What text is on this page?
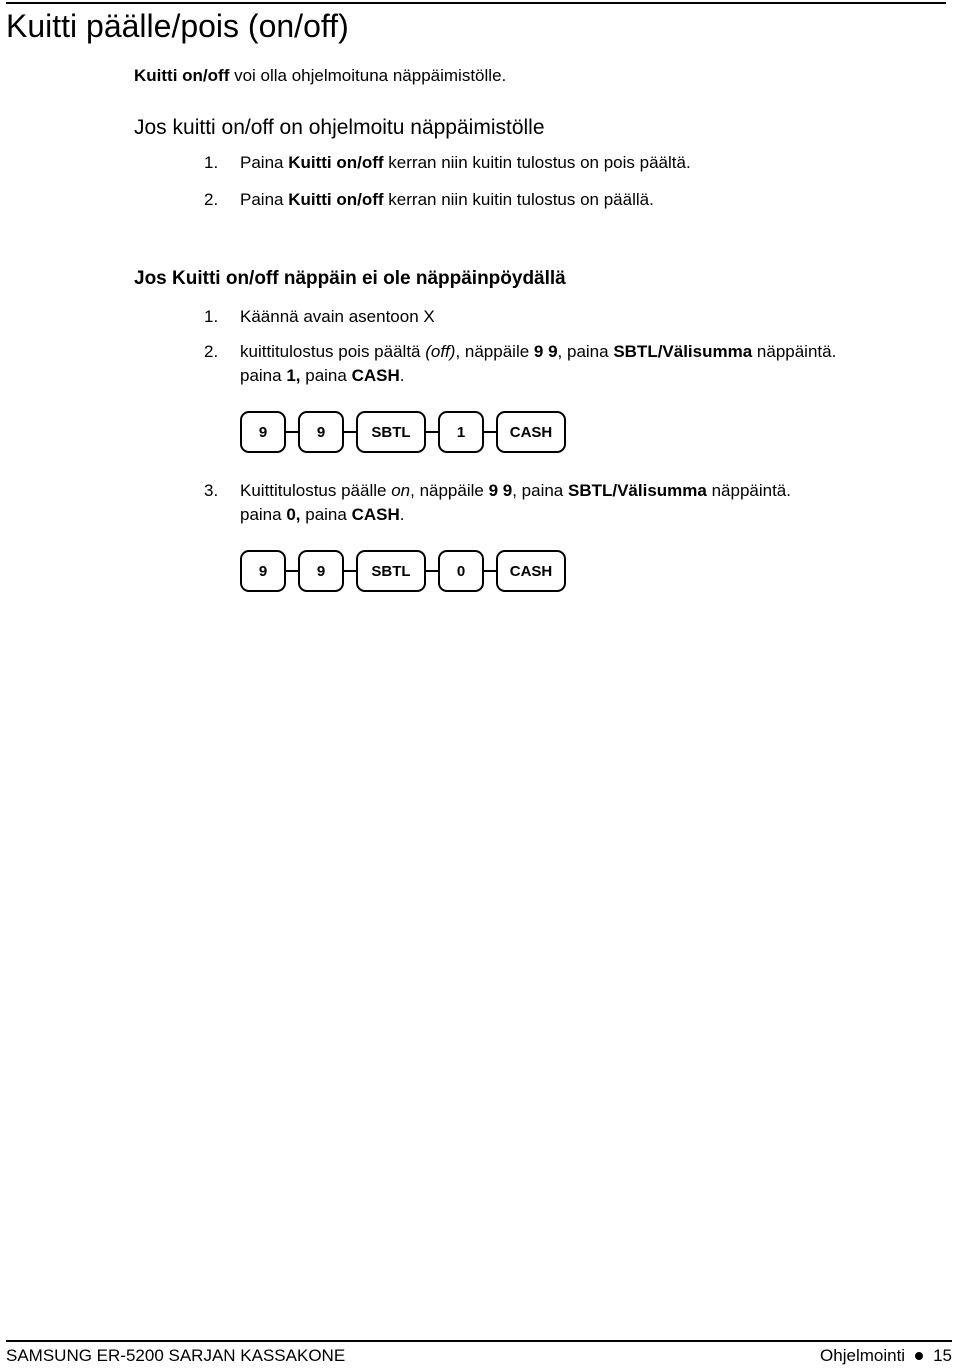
Kuitti päälle/pois (on/off)
Kuitti on/off voi olla ohjelmoituna näppäimistölle.
Jos kuitti on/off on ohjelmoitu näppäimistölle
1. Paina Kuitti on/off kerran niin kuitin tulostus on pois päältä.
2. Paina Kuitti on/off kerran niin kuitin tulostus on päällä.
Jos Kuitti on/off näppäin ei ole näppäinpöydällä
1. Käännä avain asentoon X
2. kuittitulostus pois päältä (off), näppäile 9 9, paina SBTL/Välisumma näppäintä.
paina 1, paina CASH.
9	9	SBTL	1	CASH
3. Kuittitulostus päälle on, näppäile 9 9, paina SBTL/Välisumma näppäintä.
paina 0, paina CASH.
9	9	SBTL	0	CASH
SAMSUNG ER-5200 SARJAN KASSAKONE	Ohjelmointi 15
